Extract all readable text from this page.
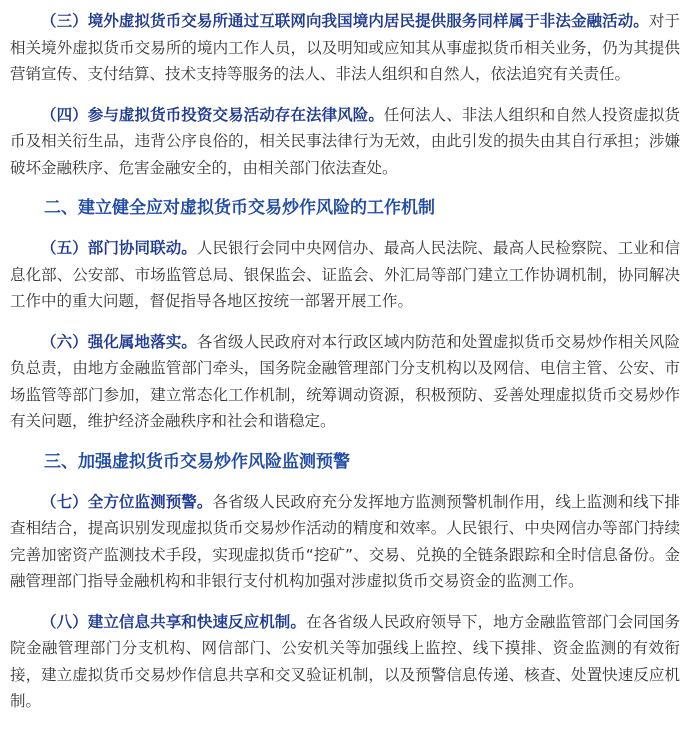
（三）境外虚拟货币交易所通过互联网向我国境内居民提供服务同样属于非法金融活动。对于相关境外虚拟货币交易所的境内工作人员，以及明知或应知其从事虚拟货币相关业务，仍为其提供营销宣传、支付结算、技术支持等服务的法人、非法人组织和自然人，依法追究有关责任。

（四）参与虚拟货币投资交易活动存在法律风险。任何法人、非法人组织和自然人投资虚拟货币及相关衍生品，违背公序良俗的，相关民事法律行为无效，由此引发的损失由其自行承担；涉嫌破坏金融秩序、危害金融安全的，由相关部门依法查处。

二、建立健全应对虚拟货币交易炒作风险的工作机制

（五）部门协同联动。人民银行会同中央网信办、最高人民法院、最高人民检察院、工业和信息化部、公安部、市场监管总局、银保监会、证监会、外汇局等部门建立工作协调机制，协同解决工作中的重大问题，督促指导各地区按统一部署开展工作。

（六）强化属地落实。各省级人民政府对本行政区域内防范和处置虚拟货币交易炒作相关风险负总责，由地方金融监管部门牵头，国务院金融管理部门分支机构以及网信、电信主管、公安、市场监管等部门参加，建立常态化工作机制，统筹调动资源，积极预防、妥善处理虚拟货币交易炒作有关问题，维护经济金融秩序和社会和谐稳定。

三、加强虚拟货币交易炒作风险监测预警

（七）全方位监测预警。各省级人民政府充分发挥地方监测预警机制作用，线上监测和线下排查相结合，提高识别发现虚拟货币交易炒作活动的精度和效率。人民银行、中央网信办等部门持续完善加密资产监测技术手段，实现虚拟货币“挖矿”、交易、兑换的全链条跟踪和全时信息备份。金融管理部门指导金融机构和非银行支付机构加强对涉虚拟货币交易资金的监测工作。

（八）建立信息共享和快速反应机制。在各省级人民政府领导下，地方金融监管部门会同国务院金融管理部门分支机构、网信部门、公安机关等加强线上监控、线下摸排、资金监测的有效衔接，建立虚拟货币交易炒作信息共享和交叉验证机制，以及预警信息传递、核查、处置快速反应机制。
